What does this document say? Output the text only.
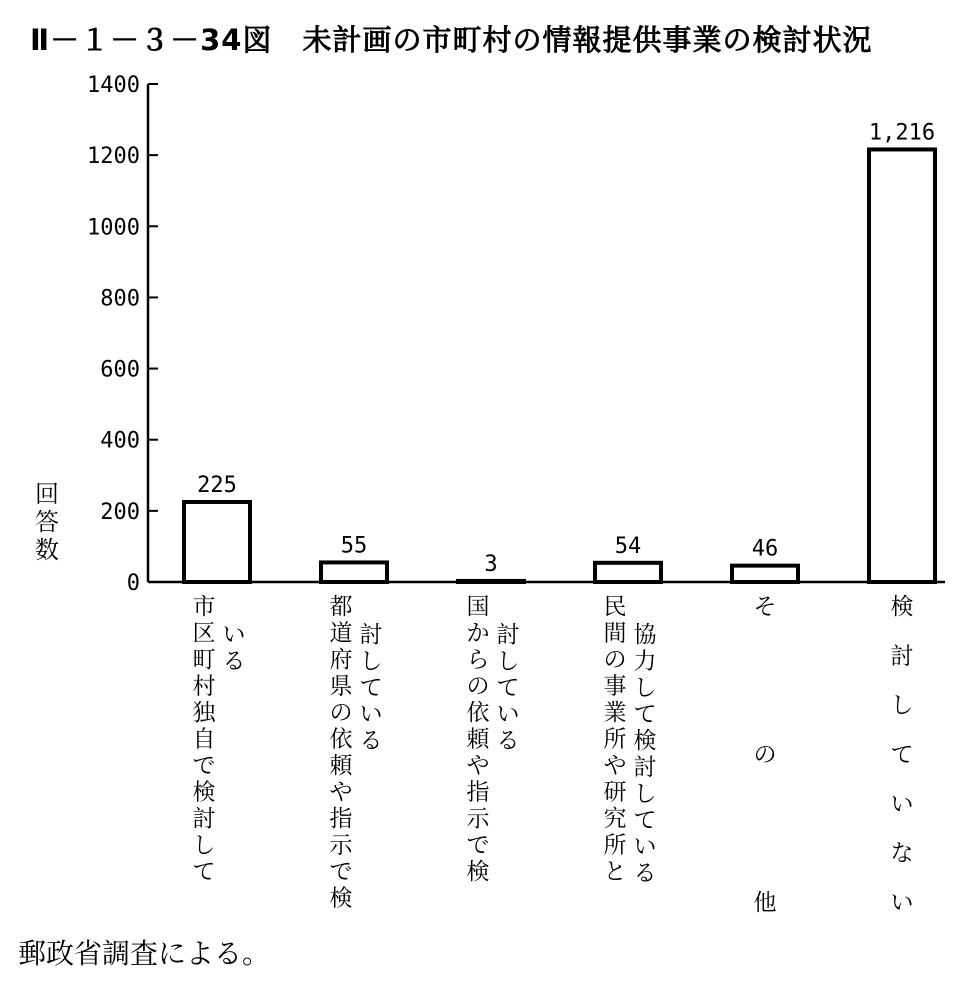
Ⅱ－１－３－34図　未計画の市町村の情報提供事業の検討状況
0
200
400
600
800
1000
1200
1400
225
55
3
54	46
1,216
市区町村独自で検討して
いる
都道府県の依頼や指示で検
討している
国からの依頼や指示で検
討している
民間の事業所や研究所と
協力して検討している
その他
検討していない
回答数
郵政省調査による。
